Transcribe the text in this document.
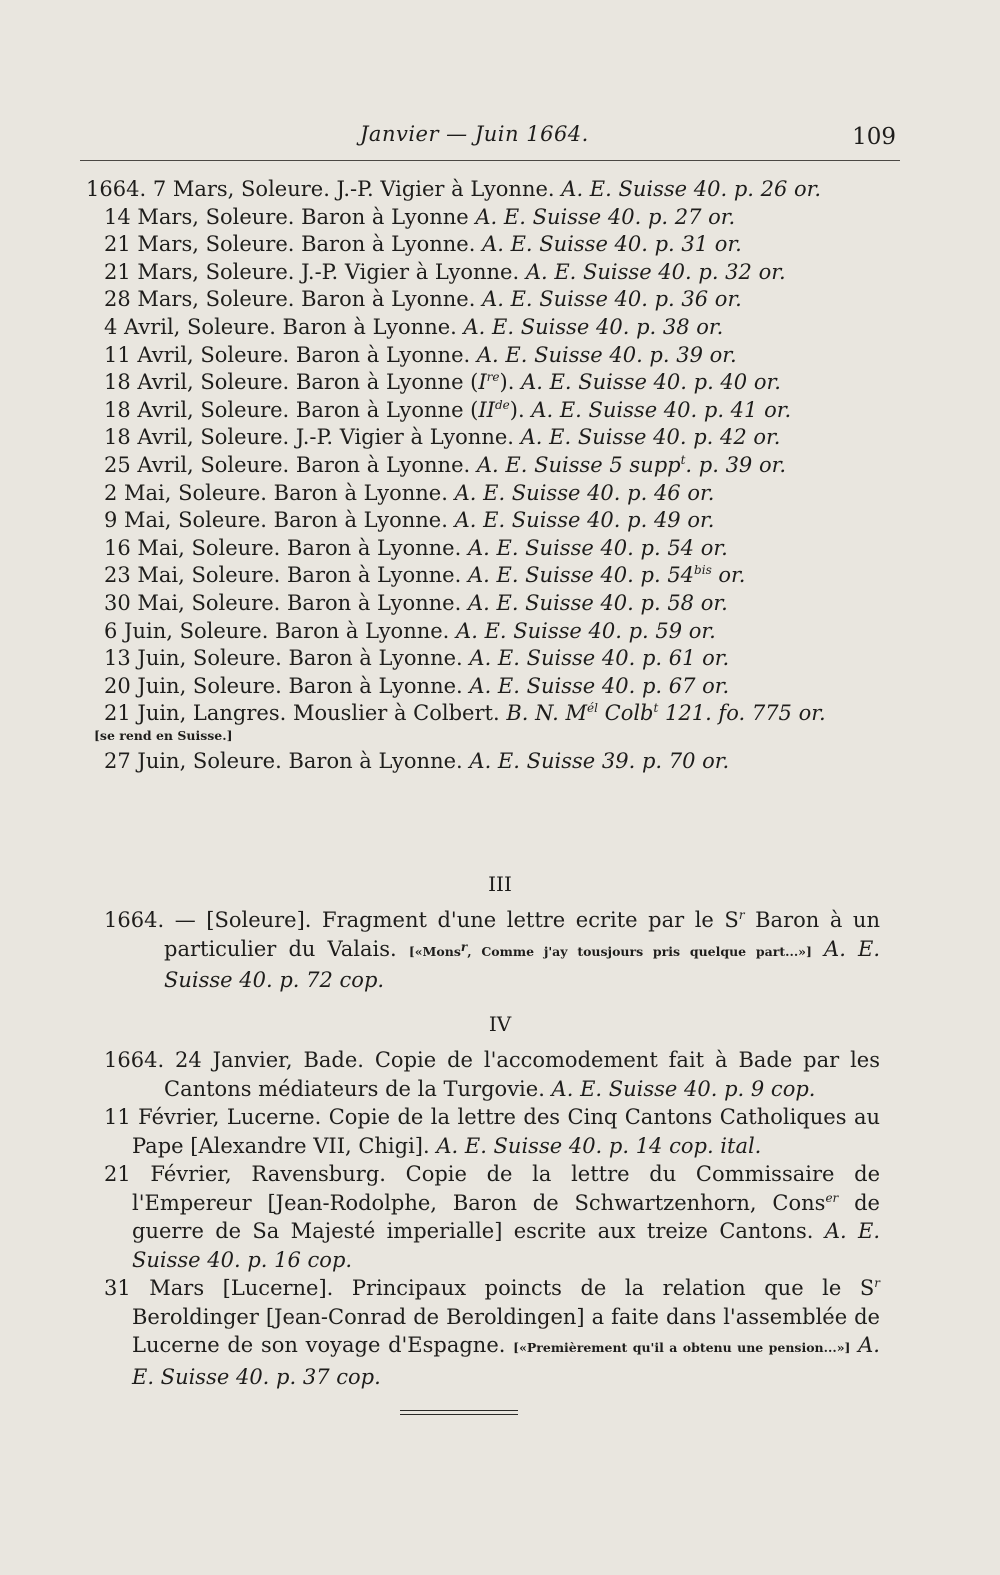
Janvier — Juin 1664.	109
1664. 7 Mars, Soleure. J.-P. Vigier à Lyonne. A. E. Suisse 40. p. 26 or.
14 Mars, Soleure. Baron à Lyonne A. E. Suisse 40. p. 27 or.
21 Mars, Soleure. Baron à Lyonne. A. E. Suisse 40. p. 31 or.
21 Mars, Soleure. J.-P. Vigier à Lyonne. A. E. Suisse 40. p. 32 or.
28 Mars, Soleure. Baron à Lyonne. A. E. Suisse 40. p. 36 or.
4 Avril, Soleure. Baron à Lyonne. A. E. Suisse 40. p. 38 or.
11 Avril, Soleure. Baron à Lyonne. A. E. Suisse 40. p. 39 or.
18 Avril, Soleure. Baron à Lyonne (Ire). A. E. Suisse 40. p. 40 or.
18 Avril, Soleure. Baron à Lyonne (IIde). A. E. Suisse 40. p. 41 or.
18 Avril, Soleure. J.-P. Vigier à Lyonne. A. E. Suisse 40. p. 42 or.
25 Avril, Soleure. Baron à Lyonne. A. E. Suisse 5 supp$^t$. p. 39 or.
2 Mai, Soleure. Baron à Lyonne. A. E. Suisse 40. p. 46 or.
9 Mai, Soleure. Baron à Lyonne. A. E. Suisse 40. p. 49 or.
16 Mai, Soleure. Baron à Lyonne. A. E. Suisse 40. p. 54 or.
23 Mai, Soleure. Baron à Lyonne. A. E. Suisse 40. p. $54^{bis}$ or.
30 Mai, Soleure. Baron à Lyonne. A. E. Suisse 40. p. 58 or.
6 Juin, Soleure. Baron à Lyonne. A. E. Suisse 40. p. 59 or.
13 Juin, Soleure. Baron à Lyonne. A. E. Suisse 40. p. 61 or.
20 Juin, Soleure. Baron à Lyonne. A. E. Suisse 40. p. 67 or.
21 Juin, Langres. Mouslier à Colbert. B. N. $M^{él}$ Colb$^t$ 121. fo. 775 or.
[se rend en Suisse.]
27 Juin, Soleure. Baron à Lyonne. A. E. Suisse 39. p. 70 or.
III
1664. — [Soleure]. Fragment d'une lettre ecrite par le $S^r$ Baron à un particulier du Valais. [«Mons$^r$, Comme j'ay tousjours pris quelque part...»] A. E. Suisse 40. p. 72 cop.
IV
1664. 24 Janvier, Bade. Copie de l'accomodement fait à Bade par les Cantons médiateurs de la Turgovie. A. E. Suisse 40. p. 9 cop.
11 Février, Lucerne. Copie de la lettre des Cinq Cantons Catholiques au Pape [Alexandre VII, Chigi]. A. E. Suisse 40. p. 14 cop. ital.
21 Février, Ravensburg. Copie de la lettre du Commissaire de l'Empereur [Jean-Rodolphe, Baron de Schwartzenhorn, Cons$^{er}$ de guerre de Sa Majesté imperialle] escrite aux treize Cantons. A. E. Suisse 40. p. 16 cop.
31 Mars [Lucerne]. Principaux poincts de la relation que le $S^r$ Beroldinger [Jean-Conrad de Beroldingen] a faite dans l'assemblée de Lucerne de son voyage d'Espagne. [«Premièrement qu'il a obtenu une pension...»] A. E. Suisse 40. p. 37 cop.
